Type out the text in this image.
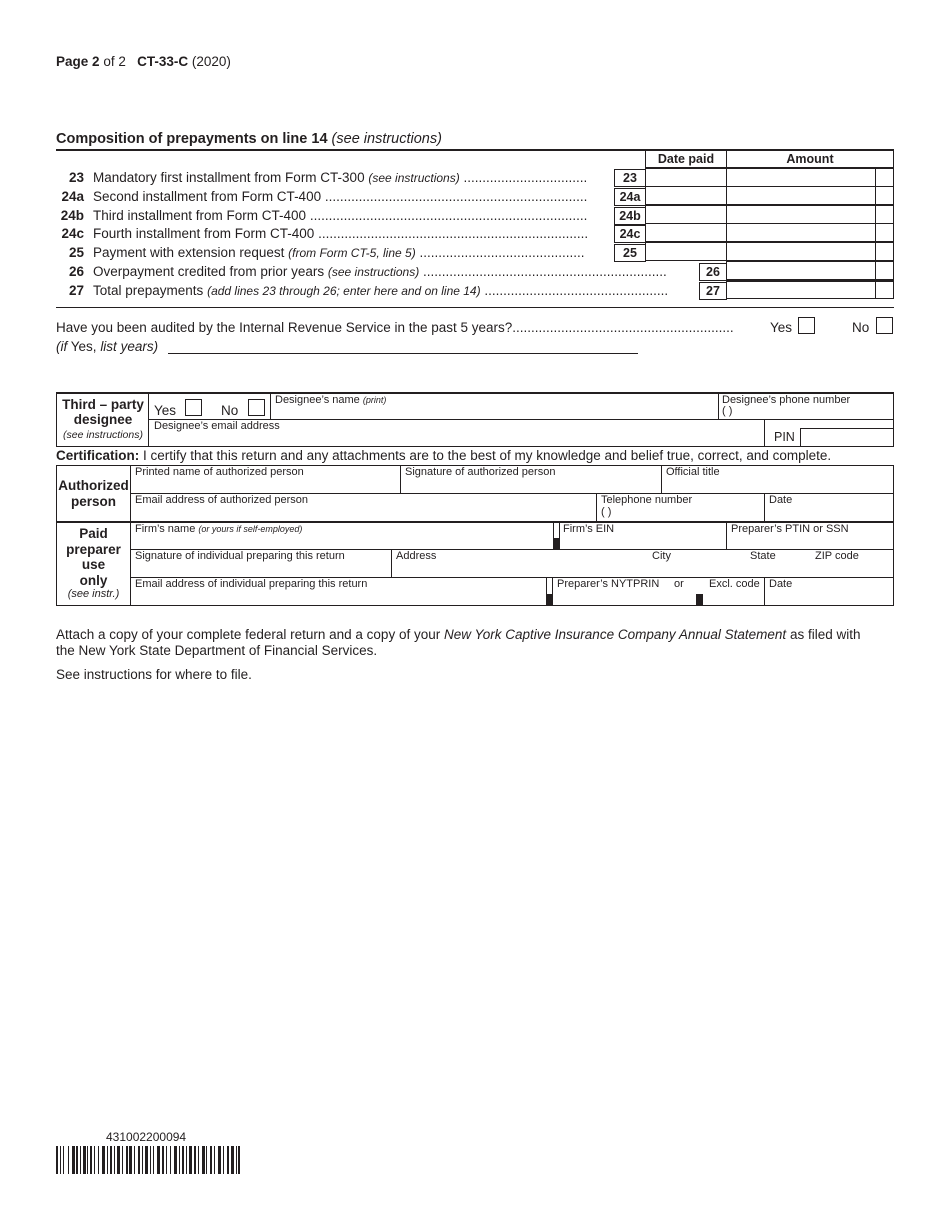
Page 2 of 2 CT-33-C (2020)
Composition of prepayments on line 14 (see instructions)
Date paid	Amount
23 Mandatory first installment from Form CT-300 (see instructions) .................................	23
24a Second installment from Form CT-400 ......................................................................	24a
24b Third installment from Form CT-400 ..........................................................................	24b
24c Fourth installment from Form CT-400 ........................................................................	24c
25 Payment with extension request (from Form CT-5, line 5) ............................................	25
26 Overpayment credited from prior years (see instructions) .................................................................	26
27 Total prepayments (add lines 23 through 26; enter here and on line 14) .................................................	27
Have you been audited by the Internal Revenue Service in the past 5 years?...........................................................	Yes	No
(if Yes, list years)
Third – party
designee
(see instructions)
Yes	No
Designee’s name (print)	Designee’s phone number
( )
Designee’s email address
PIN
Certification: I certify that this return and any attachments are to the best of my knowledge and belief true, correct, and complete.
Authorized
person
Printed name of authorized person	Signature of authorized person	Official title
Email address of authorized person	Telephone number
( )
Date
Paid
preparer
use
only
(see instr.)
Firm’s name (or yours if self-employed)	Firm’s EIN	Preparer’s PTIN or SSN
Signature of individual preparing this return	Address	City	State	ZIP code
Email address of individual preparing this return	Preparer’s NYTPRIN or Excl. code Date
Attach a copy of your complete federal return and a copy of your New York Captive Insurance Company Annual Statement as filed with
the New York State Department of Financial Services.
See instructions for where to file.
431002200094
